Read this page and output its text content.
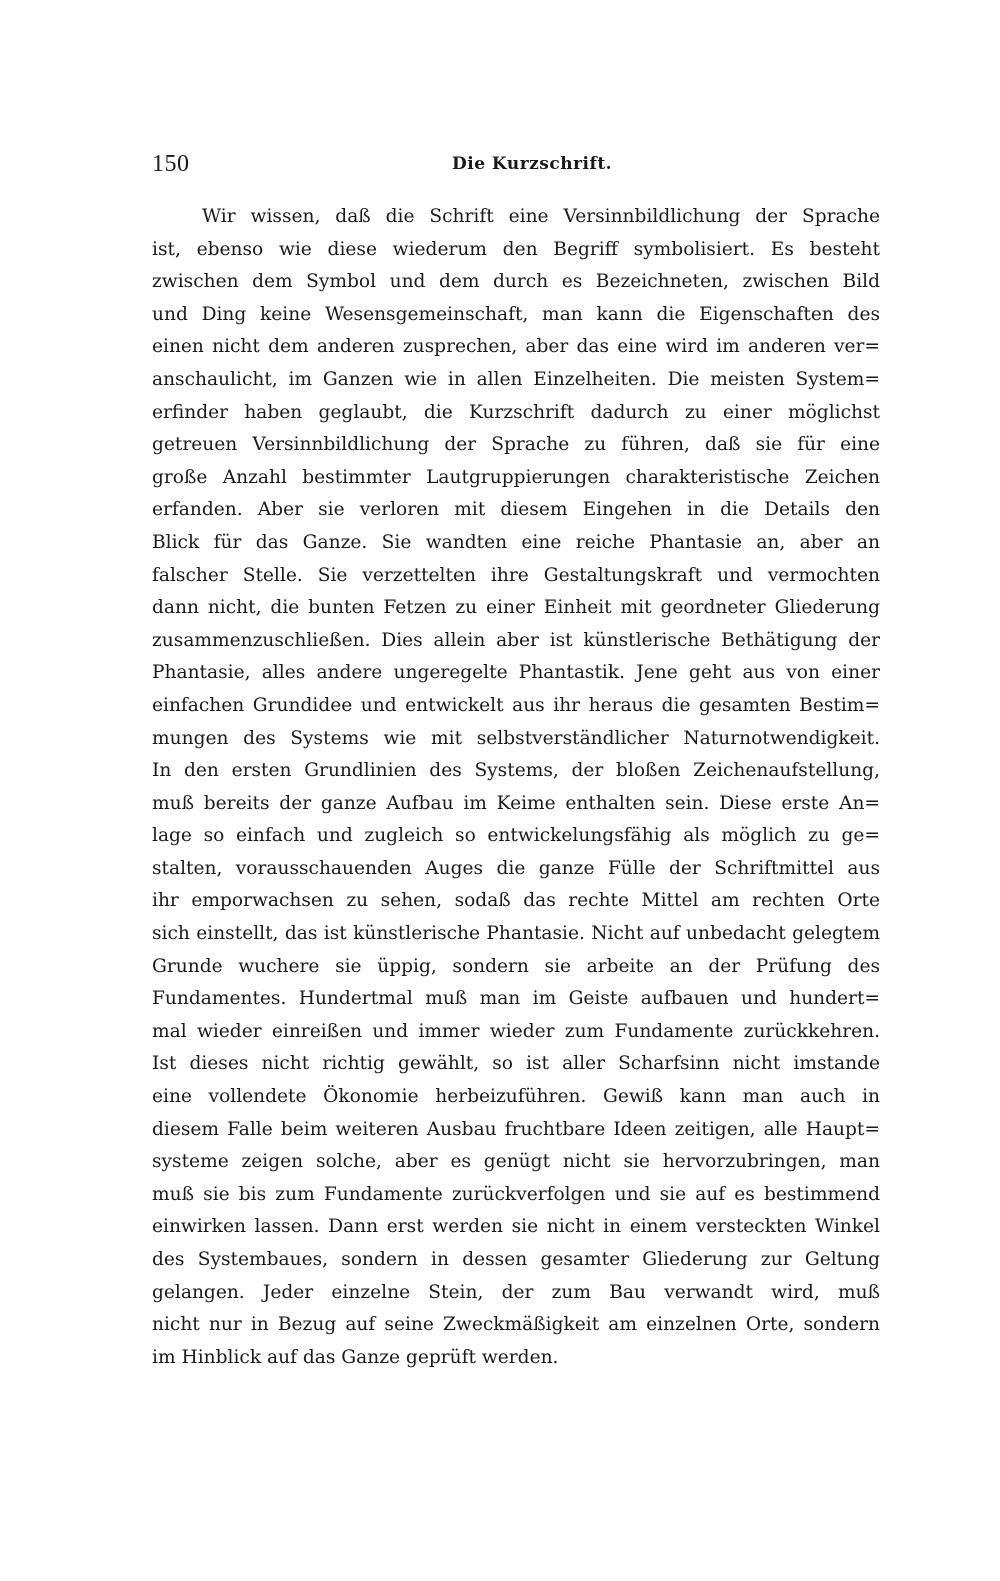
150	Die Kurzschrift.
Wir wissen, daß die Schrift eine Versinnbildlichung der Sprache
ist, ebenso wie diese wiederum den Begriff symbolisiert. Es besteht
zwischen dem Symbol und dem durch es Bezeichneten, zwischen Bild
und Ding keine Wesensgemeinschaft, man kann die Eigenschaften des
einen nicht dem anderen zusprechen, aber das eine wird im anderen ver=
anschaulicht, im Ganzen wie in allen Einzelheiten. Die meisten System=
erfinder haben geglaubt, die Kurzschrift dadurch zu einer möglichst
getreuen Versinnbildlichung der Sprache zu führen, daß sie für eine
große Anzahl bestimmter Lautgruppierungen charakteristische Zeichen
erfanden. Aber sie verloren mit diesem Eingehen in die Details den
Blick für das Ganze. Sie wandten eine reiche Phantasie an, aber an
falscher Stelle. Sie verzettelten ihre Gestaltungskraft und vermochten
dann nicht, die bunten Fetzen zu einer Einheit mit geordneter Gliederung
zusammenzuschließen. Dies allein aber ist künstlerische Bethätigung der
Phantasie, alles andere ungeregelte Phantastik. Jene geht aus von einer
einfachen Grundidee und entwickelt aus ihr heraus die gesamten Bestim=
mungen des Systems wie mit selbstverständlicher Naturnotwendigkeit.
In den ersten Grundlinien des Systems, der bloßen Zeichenaufstellung,
muß bereits der ganze Aufbau im Keime enthalten sein. Diese erste An=
lage so einfach und zugleich so entwickelungsfähig als möglich zu ge=
stalten, vorausschauenden Auges die ganze Fülle der Schriftmittel aus
ihr emporwachsen zu sehen, sodaß das rechte Mittel am rechten Orte
sich einstellt, das ist künstlerische Phantasie. Nicht auf unbedacht gelegtem
Grunde wuchere sie üppig, sondern sie arbeite an der Prüfung des
Fundamentes. Hundertmal muß man im Geiste aufbauen und hundert=
mal wieder einreißen und immer wieder zum Fundamente zurückkehren.
Ist dieses nicht richtig gewählt, so ist aller Scharfsinn nicht imstande
eine vollendete Ökonomie herbeizuführen. Gewiß kann man auch in
diesem Falle beim weiteren Ausbau fruchtbare Ideen zeitigen, alle Haupt=
systeme zeigen solche, aber es genügt nicht sie hervorzubringen, man
muß sie bis zum Fundamente zurückverfolgen und sie auf es bestimmend
einwirken lassen. Dann erst werden sie nicht in einem versteckten Winkel
des Systembaues, sondern in dessen gesamter Gliederung zur Geltung
gelangen. Jeder einzelne Stein, der zum Bau verwandt wird, muß
nicht nur in Bezug auf seine Zweckmäßigkeit am einzelnen Orte, sondern
im Hinblick auf das Ganze geprüft werden.
